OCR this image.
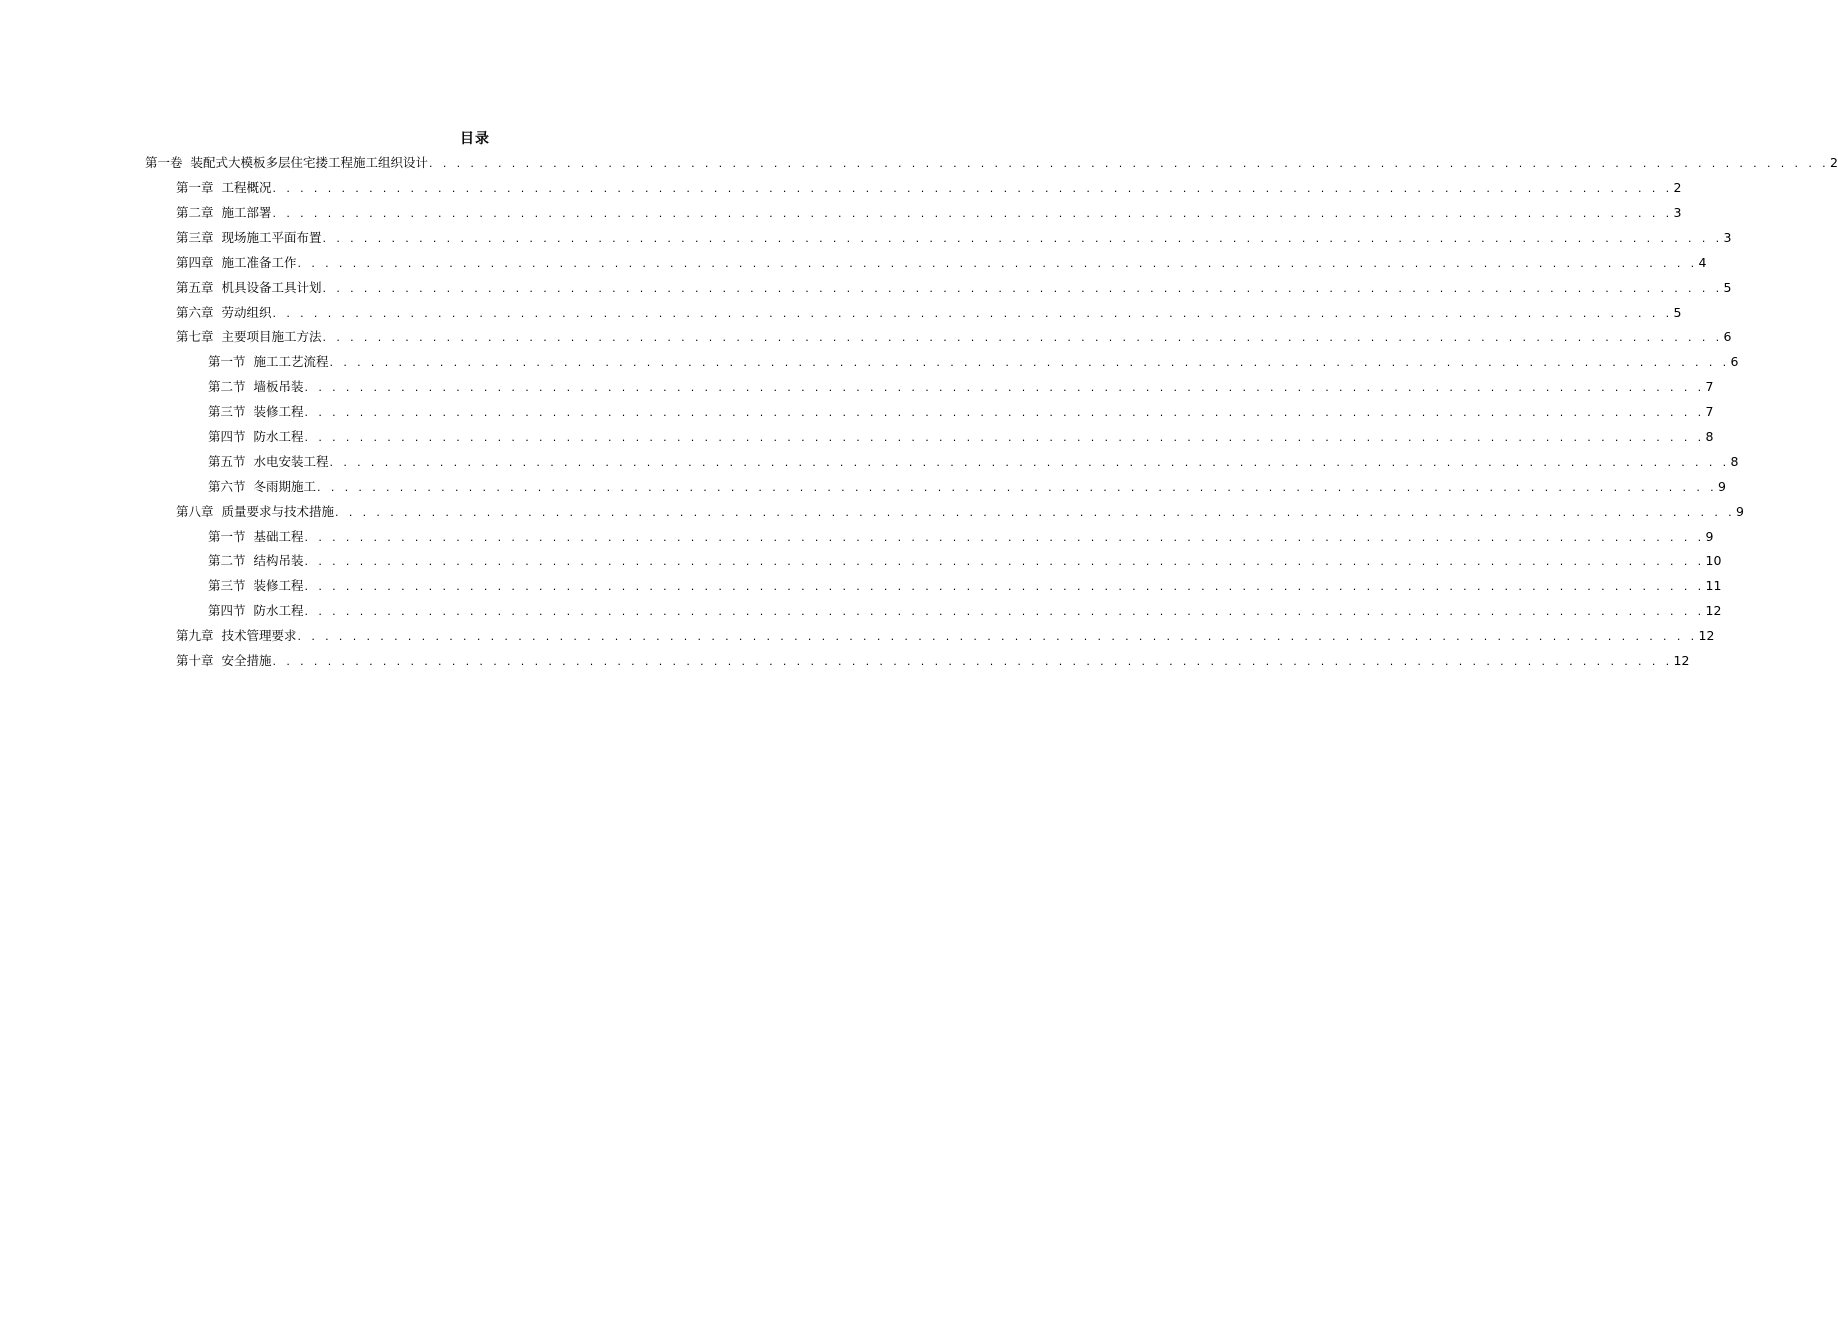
目录
第一卷 装配式大模板多层住宅搂工程施工组织设计 . . . . . . . . . . . . . . . . . . . . . . . . . . . . . . . . . . . . . . . . . . . . . . . . . . . . . . . . . . . . . . . . . . . . . . . . . . . . . . . . . . . . . . . . . . . . . . . . . . . . . . 2
第一章 工程概况 . . . . . . . . . . . . . . . . . . . . . . . . . . . . . . . . . . . . . . . . . . . . . . . . . . . . . . . . . . . . . . . . . . . . . . . . . . . . . . . . . . . . . . . . . . . . . . . . . . . . . . 2
第二章 施工部署 . . . . . . . . . . . . . . . . . . . . . . . . . . . . . . . . . . . . . . . . . . . . . . . . . . . . . . . . . . . . . . . . . . . . . . . . . . . . . . . . . . . . . . . . . . . . . . . . . . . . . . 3
第三章 现场施工平面布置 . . . . . . . . . . . . . . . . . . . . . . . . . . . . . . . . . . . . . . . . . . . . . . . . . . . . . . . . . . . . . . . . . . . . . . . . . . . . . . . . . . . . . . . . . . . . . . . . . . . . . . 3
第四章 施工准备工作 . . . . . . . . . . . . . . . . . . . . . . . . . . . . . . . . . . . . . . . . . . . . . . . . . . . . . . . . . . . . . . . . . . . . . . . . . . . . . . . . . . . . . . . . . . . . . . . . . . . . . . 4
第五章 机具设备工具计划 . . . . . . . . . . . . . . . . . . . . . . . . . . . . . . . . . . . . . . . . . . . . . . . . . . . . . . . . . . . . . . . . . . . . . . . . . . . . . . . . . . . . . . . . . . . . . . . . . . . . . . 5
第六章 劳动组织 . . . . . . . . . . . . . . . . . . . . . . . . . . . . . . . . . . . . . . . . . . . . . . . . . . . . . . . . . . . . . . . . . . . . . . . . . . . . . . . . . . . . . . . . . . . . . . . . . . . . . . 5
第七章 主要项目施工方法 . . . . . . . . . . . . . . . . . . . . . . . . . . . . . . . . . . . . . . . . . . . . . . . . . . . . . . . . . . . . . . . . . . . . . . . . . . . . . . . . . . . . . . . . . . . . . . . . . . . . . . 6
第一节 施工工艺流程 . . . . . . . . . . . . . . . . . . . . . . . . . . . . . . . . . . . . . . . . . . . . . . . . . . . . . . . . . . . . . . . . . . . . . . . . . . . . . . . . . . . . . . . . . . . . . . . . . . . . . . 6
第二节 墙板吊装 . . . . . . . . . . . . . . . . . . . . . . . . . . . . . . . . . . . . . . . . . . . . . . . . . . . . . . . . . . . . . . . . . . . . . . . . . . . . . . . . . . . . . . . . . . . . . . . . . . . . . . 7
第三节 装修工程 . . . . . . . . . . . . . . . . . . . . . . . . . . . . . . . . . . . . . . . . . . . . . . . . . . . . . . . . . . . . . . . . . . . . . . . . . . . . . . . . . . . . . . . . . . . . . . . . . . . . . . 7
第四节 防水工程 . . . . . . . . . . . . . . . . . . . . . . . . . . . . . . . . . . . . . . . . . . . . . . . . . . . . . . . . . . . . . . . . . . . . . . . . . . . . . . . . . . . . . . . . . . . . . . . . . . . . . . 8
第五节 水电安装工程 . . . . . . . . . . . . . . . . . . . . . . . . . . . . . . . . . . . . . . . . . . . . . . . . . . . . . . . . . . . . . . . . . . . . . . . . . . . . . . . . . . . . . . . . . . . . . . . . . . . . . . 8
第六节 冬雨期施工 . . . . . . . . . . . . . . . . . . . . . . . . . . . . . . . . . . . . . . . . . . . . . . . . . . . . . . . . . . . . . . . . . . . . . . . . . . . . . . . . . . . . . . . . . . . . . . . . . . . . . . 9
第八章 质量要求与技术措施 . . . . . . . . . . . . . . . . . . . . . . . . . . . . . . . . . . . . . . . . . . . . . . . . . . . . . . . . . . . . . . . . . . . . . . . . . . . . . . . . . . . . . . . . . . . . . . . . . . . . . . 9
第一节 基础工程 . . . . . . . . . . . . . . . . . . . . . . . . . . . . . . . . . . . . . . . . . . . . . . . . . . . . . . . . . . . . . . . . . . . . . . . . . . . . . . . . . . . . . . . . . . . . . . . . . . . . . . 9
第二节 结构吊装 . . . . . . . . . . . . . . . . . . . . . . . . . . . . . . . . . . . . . . . . . . . . . . . . . . . . . . . . . . . . . . . . . . . . . . . . . . . . . . . . . . . . . . . . . . . . . . . . . . . . . . 10
第三节 装修工程 . . . . . . . . . . . . . . . . . . . . . . . . . . . . . . . . . . . . . . . . . . . . . . . . . . . . . . . . . . . . . . . . . . . . . . . . . . . . . . . . . . . . . . . . . . . . . . . . . . . . . . 11
第四节 防水工程 . . . . . . . . . . . . . . . . . . . . . . . . . . . . . . . . . . . . . . . . . . . . . . . . . . . . . . . . . . . . . . . . . . . . . . . . . . . . . . . . . . . . . . . . . . . . . . . . . . . . . . 12
第九章 技术管理要求 . . . . . . . . . . . . . . . . . . . . . . . . . . . . . . . . . . . . . . . . . . . . . . . . . . . . . . . . . . . . . . . . . . . . . . . . . . . . . . . . . . . . . . . . . . . . . . . . . . . . . . 12
第十章 安全措施 . . . . . . . . . . . . . . . . . . . . . . . . . . . . . . . . . . . . . . . . . . . . . . . . . . . . . . . . . . . . . . . . . . . . . . . . . . . . . . . . . . . . . . . . . . . . . . . . . . . . . . 12
